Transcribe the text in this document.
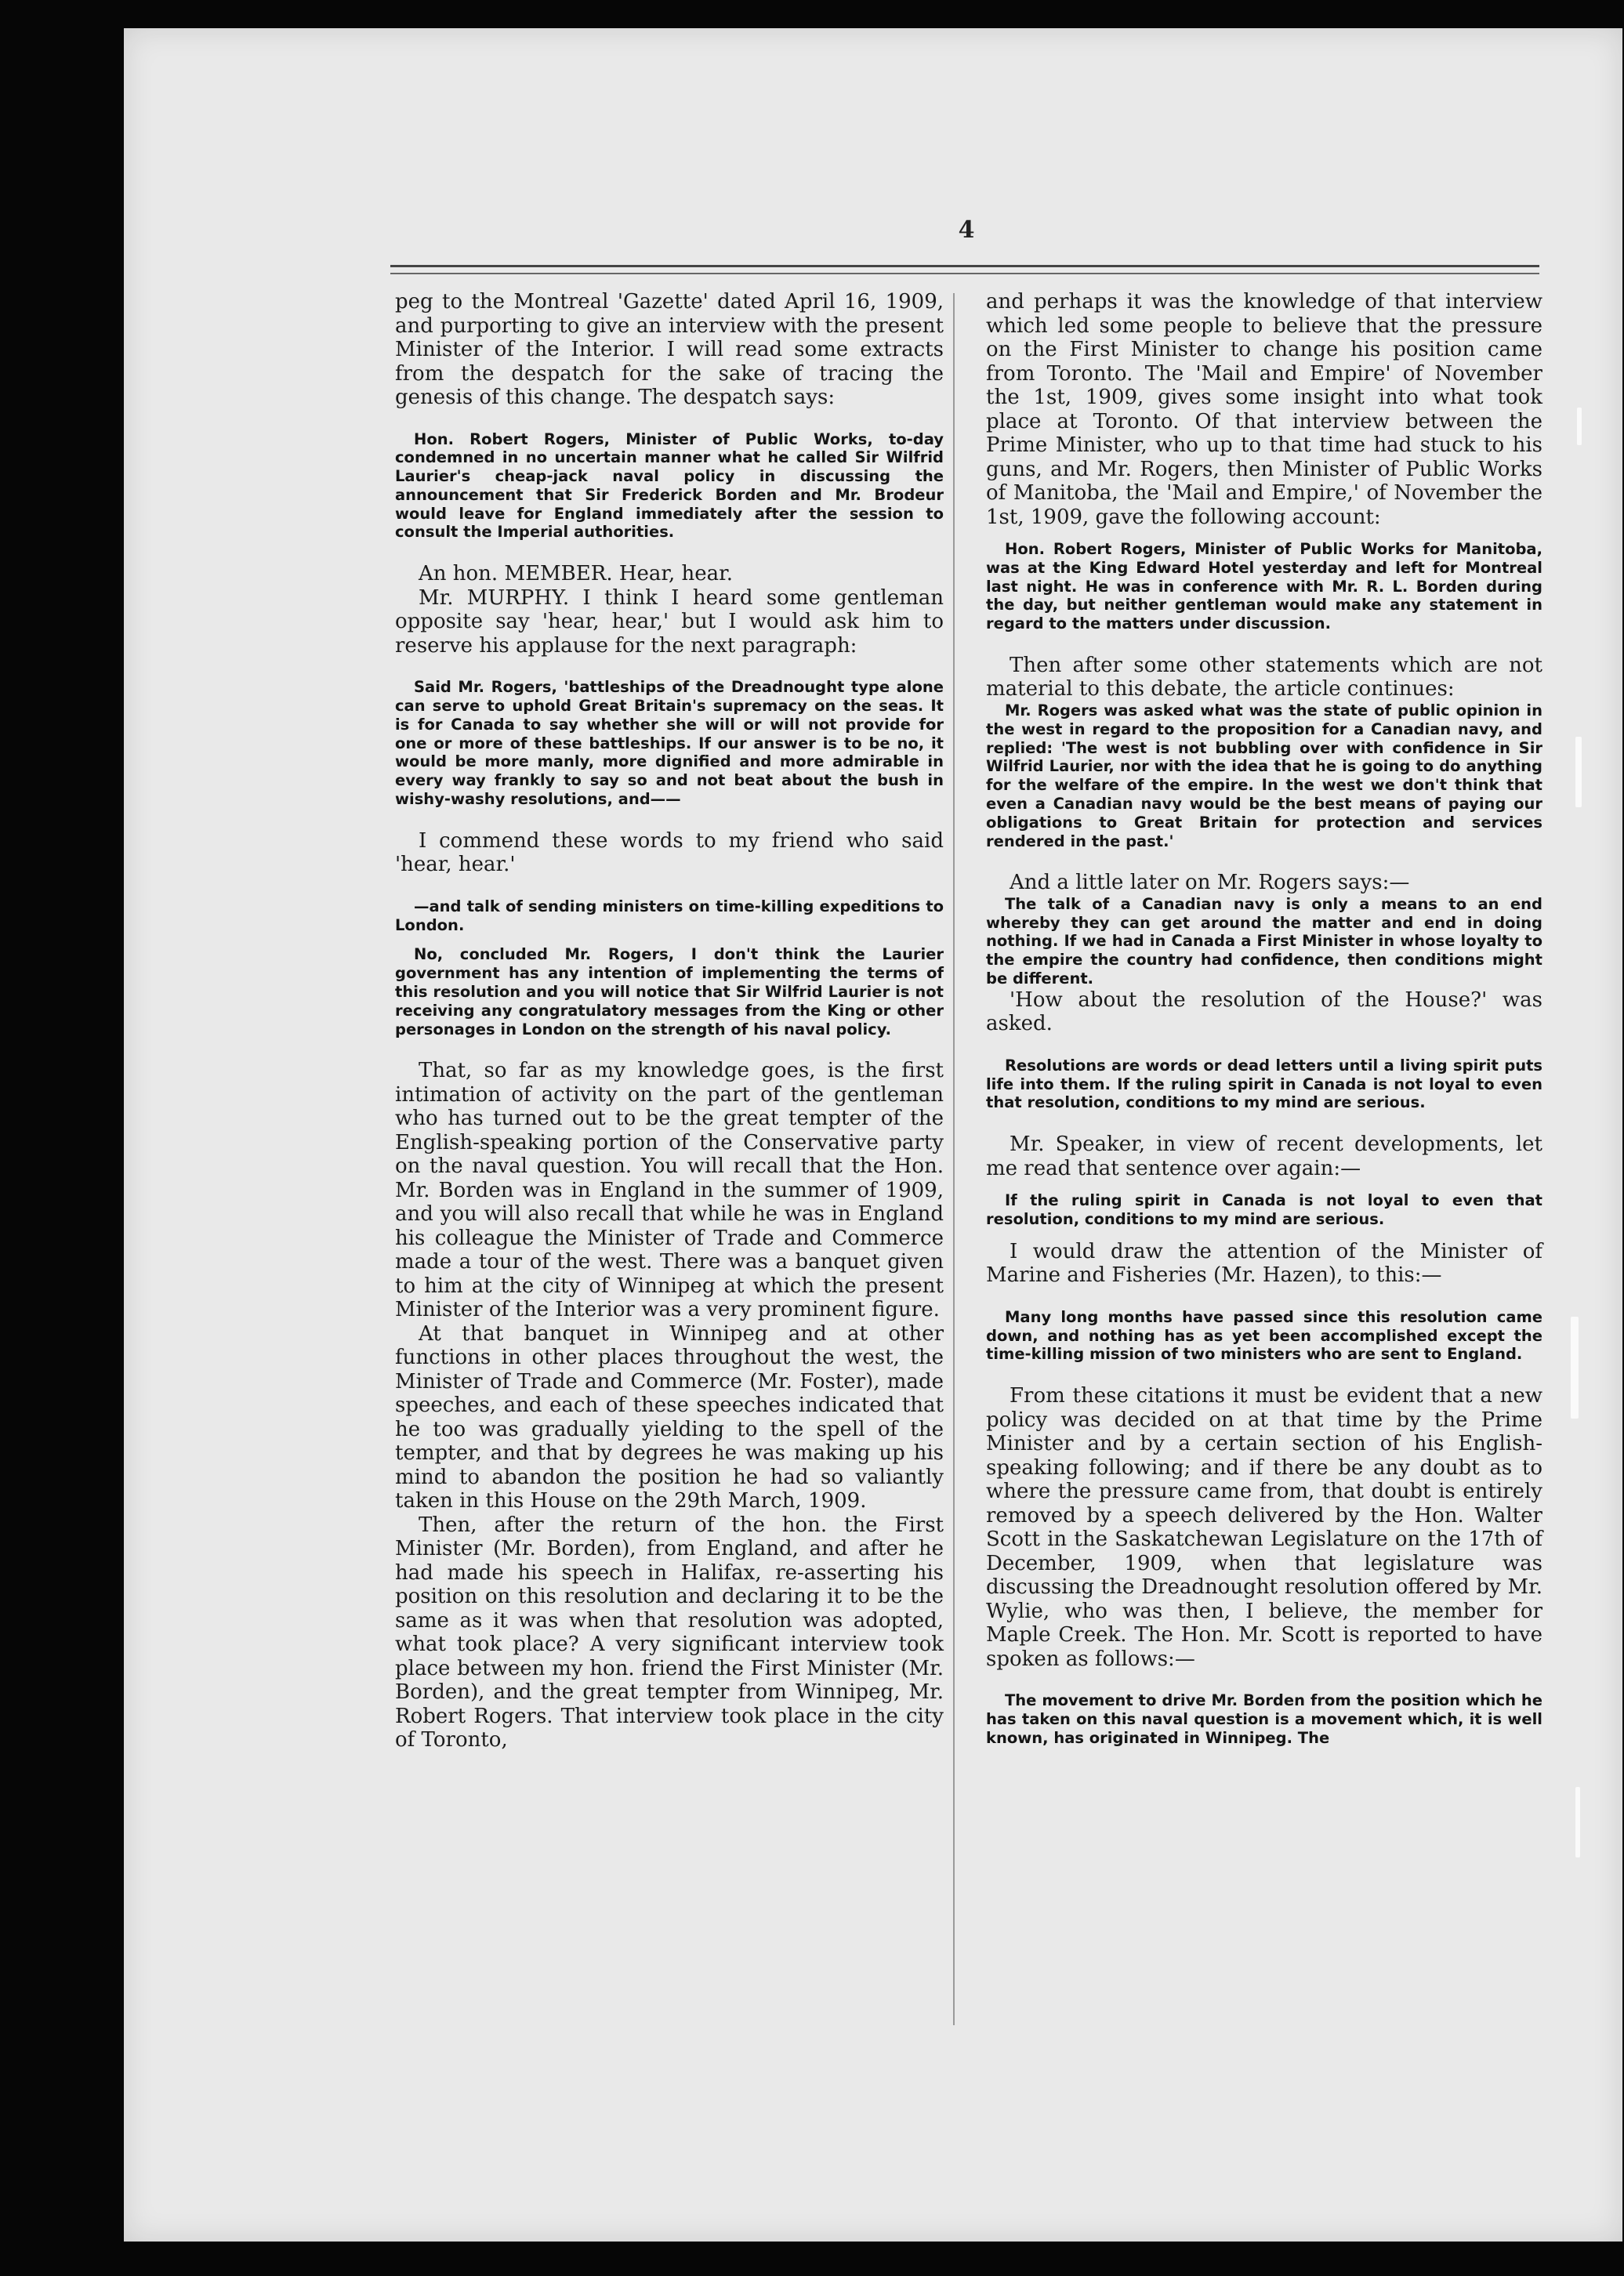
4

peg to the Montreal 'Gazette' dated April 16, 1909, and purporting to give an interview with the present Minister of the Interior. I will read some extracts from the despatch for the sake of tracing the genesis of this change. The despatch says:

Hon. Robert Rogers, Minister of Public Works, to-day condemned in no uncertain manner what he called Sir Wilfrid Laurier's cheap-jack naval policy in discussing the announcement that Sir Frederick Borden and Mr. Brodeur would leave for England immediately after the session to consult the Imperial authorities.

An hon. MEMBER. Hear, hear.

Mr. MURPHY. I think I heard some gentleman opposite say 'hear, hear,' but I would ask him to reserve his applause for the next paragraph:

Said Mr. Rogers, 'battleships of the Dreadnought type alone can serve to uphold Great Britain's supremacy on the seas. It is for Canada to say whether she will or will not provide for one or more of these battleships. If our answer is to be no, it would be more manly, more dignified and more admirable in every way frankly to say so and not beat about the bush in wishy-washy resolutions, and——

I commend these words to my friend who said 'hear, hear.'

—and talk of sending ministers on time-killing expeditions to London.

No, concluded Mr. Rogers, I don't think the Laurier government has any intention of implementing the terms of this resolution and you will notice that Sir Wilfrid Laurier is not receiving any congratulatory messages from the King or other personages in London on the strength of his naval policy.

That, so far as my knowledge goes, is the first intimation of activity on the part of the gentleman who has turned out to be the great tempter of the English-speaking portion of the Conservative party on the naval question. You will recall that the Hon. Mr. Borden was in England in the summer of 1909, and you will also recall that while he was in England his colleague the Minister of Trade and Commerce made a tour of the west. There was a banquet given to him at the city of Winnipeg at which the present Minister of the Interior was a very prominent figure.

At that banquet in Winnipeg and at other functions in other places throughout the west, the Minister of Trade and Commerce (Mr. Foster), made speeches, and each of these speeches indicated that he too was gradually yielding to the spell of the tempter, and that by degrees he was making up his mind to abandon the position he had so valiantly taken in this House on the 29th March, 1909.

Then, after the return of the hon. the First Minister (Mr. Borden), from England, and after he had made his speech in Halifax, re-asserting his position on this resolution and declaring it to be the same as it was when that resolution was adopted, what took place? A very significant interview took place between my hon. friend the First Minister (Mr. Borden), and the great tempter from Winnipeg, Mr. Robert Rogers. That interview took place in the city of Toronto,

and perhaps it was the knowledge of that interview which led some people to believe that the pressure on the First Minister to change his position came from Toronto. The 'Mail and Empire' of November the 1st, 1909, gives some insight into what took place at Toronto. Of that interview between the Prime Minister, who up to that time had stuck to his guns, and Mr. Rogers, then Minister of Public Works of Manitoba, the 'Mail and Empire,' of November the 1st, 1909, gave the following account:

Hon. Robert Rogers, Minister of Public Works for Manitoba, was at the King Edward Hotel yesterday and left for Montreal last night. He was in conference with Mr. R. L. Borden during the day, but neither gentleman would make any statement in regard to the matters under discussion.

Then after some other statements which are not material to this debate, the article continues:

Mr. Rogers was asked what was the state of public opinion in the west in regard to the proposition for a Canadian navy, and replied: 'The west is not bubbling over with confidence in Sir Wilfrid Laurier, nor with the idea that he is going to do anything for the welfare of the empire. In the west we don't think that even a Canadian navy would be the best means of paying our obligations to Great Britain for protection and services rendered in the past.'

And a little later on Mr. Rogers says:—

The talk of a Canadian navy is only a means to an end whereby they can get around the matter and end in doing nothing. If we had in Canada a First Minister in whose loyalty to the empire the country had confidence, then conditions might be different.

'How about the resolution of the House?' was asked.

Resolutions are words or dead letters until a living spirit puts life into them. If the ruling spirit in Canada is not loyal to even that resolution, conditions to my mind are serious.

Mr. Speaker, in view of recent developments, let me read that sentence over again:—

If the ruling spirit in Canada is not loyal to even that resolution, conditions to my mind are serious.

I would draw the attention of the Minister of Marine and Fisheries (Mr. Hazen), to this:—

Many long months have passed since this resolution came down, and nothing has as yet been accomplished except the time-killing mission of two ministers who are sent to England.

From these citations it must be evident that a new policy was decided on at that time by the Prime Minister and by a certain section of his English-speaking following; and if there be any doubt as to where the pressure came from, that doubt is entirely removed by a speech delivered by the Hon. Walter Scott in the Saskatchewan Legislature on the 17th of December, 1909, when that legislature was discussing the Dreadnought resolution offered by Mr. Wylie, who was then, I believe, the member for Maple Creek. The Hon. Mr. Scott is reported to have spoken as follows:—

The movement to drive Mr. Borden from the position which he has taken on this naval question is a movement which, it is well known, has originated in Winnipeg. The
